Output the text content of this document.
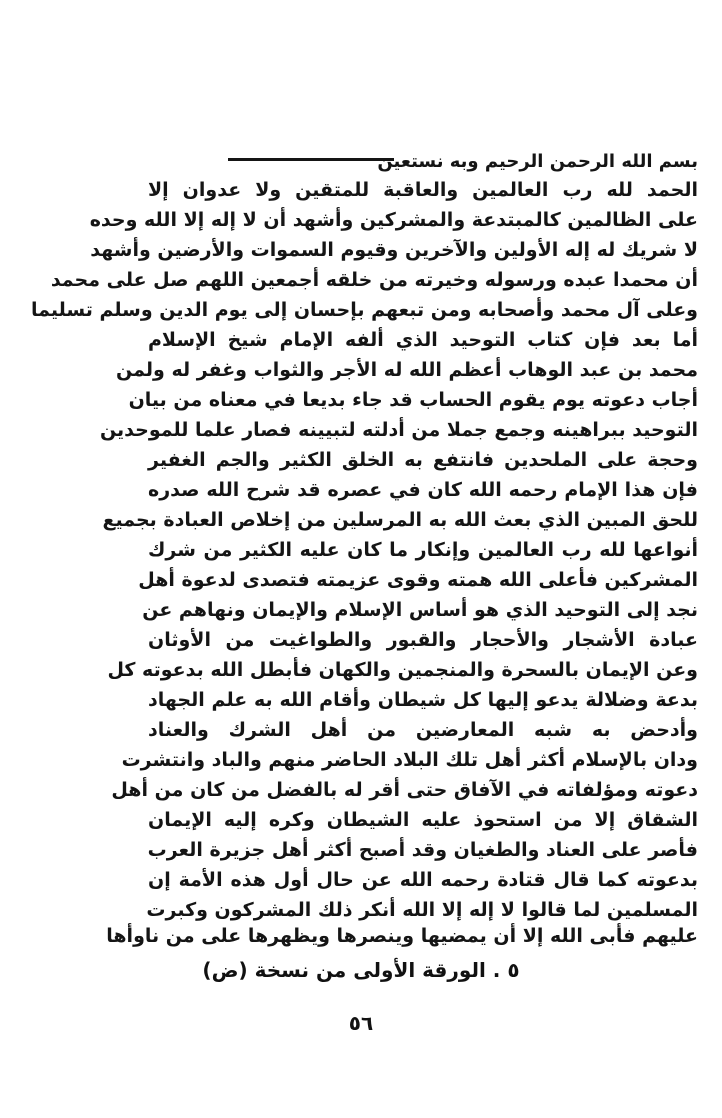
بسم الله الرحمن الرحيم وبه نستعين
الحمد لله رب العالمين والعاقبة للمتقين ولا عدوان إلا
على الظالمين كالمبتدعة والمشركين وأشهد أن لا إله إلا الله وحده
لا شريك له إله الأولين والآخرين وقيوم السموات والأرضين وأشهد
أن محمدا عبده ورسوله وخيرته من خلقه أجمعين اللهم صل على محمد
وعلى آل محمد وأصحابه ومن تبعهم بإحسان إلى يوم الدين وسلم تسليما
أما بعد فإن كتاب التوحيد الذي ألفه الإمام شيخ الإسلام
محمد بن عبد الوهاب أعظم الله له الأجر والثواب وغفر له ولمن
أجاب دعوته يوم يقوم الحساب قد جاء بديعا في معناه من بيان
التوحيد ببراهينه وجمع جملا من أدلته لتبيينه فصار علما للموحدين
وحجة على الملحدين فانتفع به الخلق الكثير والجم الغفير
فإن هذا الإمام رحمه الله كان في عصره قد شرح الله صدره
للحق المبين الذي بعث الله به المرسلين من إخلاص العبادة بجميع
أنواعها لله رب العالمين وإنكار ما كان عليه الكثير من شرك
المشركين فأعلى الله همته وقوى عزيمته فتصدى لدعوة أهل
نجد إلى التوحيد الذي هو أساس الإسلام والإيمان ونهاهم عن
عبادة الأشجار والأحجار والقبور والطواغيت من الأوثان
وعن الإيمان بالسحرة والمنجمين والكهان فأبطل الله بدعوته كل
بدعة وضلالة يدعو إليها كل شيطان وأقام الله به علم الجهاد
وأدحض به شبه المعارضين من أهل الشرك والعناد
ودان بالإسلام أكثر أهل تلك البلاد الحاضر منهم والباد وانتشرت
دعوته ومؤلفاته في الآفاق حتى أقر له بالفضل من كان من أهل
الشقاق إلا من استحوذ عليه الشيطان وكره إليه الإيمان
فأصر على العناد والطغيان وقد أصبح أكثر أهل جزيرة العرب
بدعوته كما قال قتادة رحمه الله عن حال أول هذه الأمة إن
المسلمين لما قالوا لا إله إلا الله أنكر ذلك المشركون وكبرت
عليهم فأبى الله إلا أن يمضيها وينصرها ويظهرها على من ناوأها
٥ . الورقة الأولى من نسخة (ض)
٥٦
